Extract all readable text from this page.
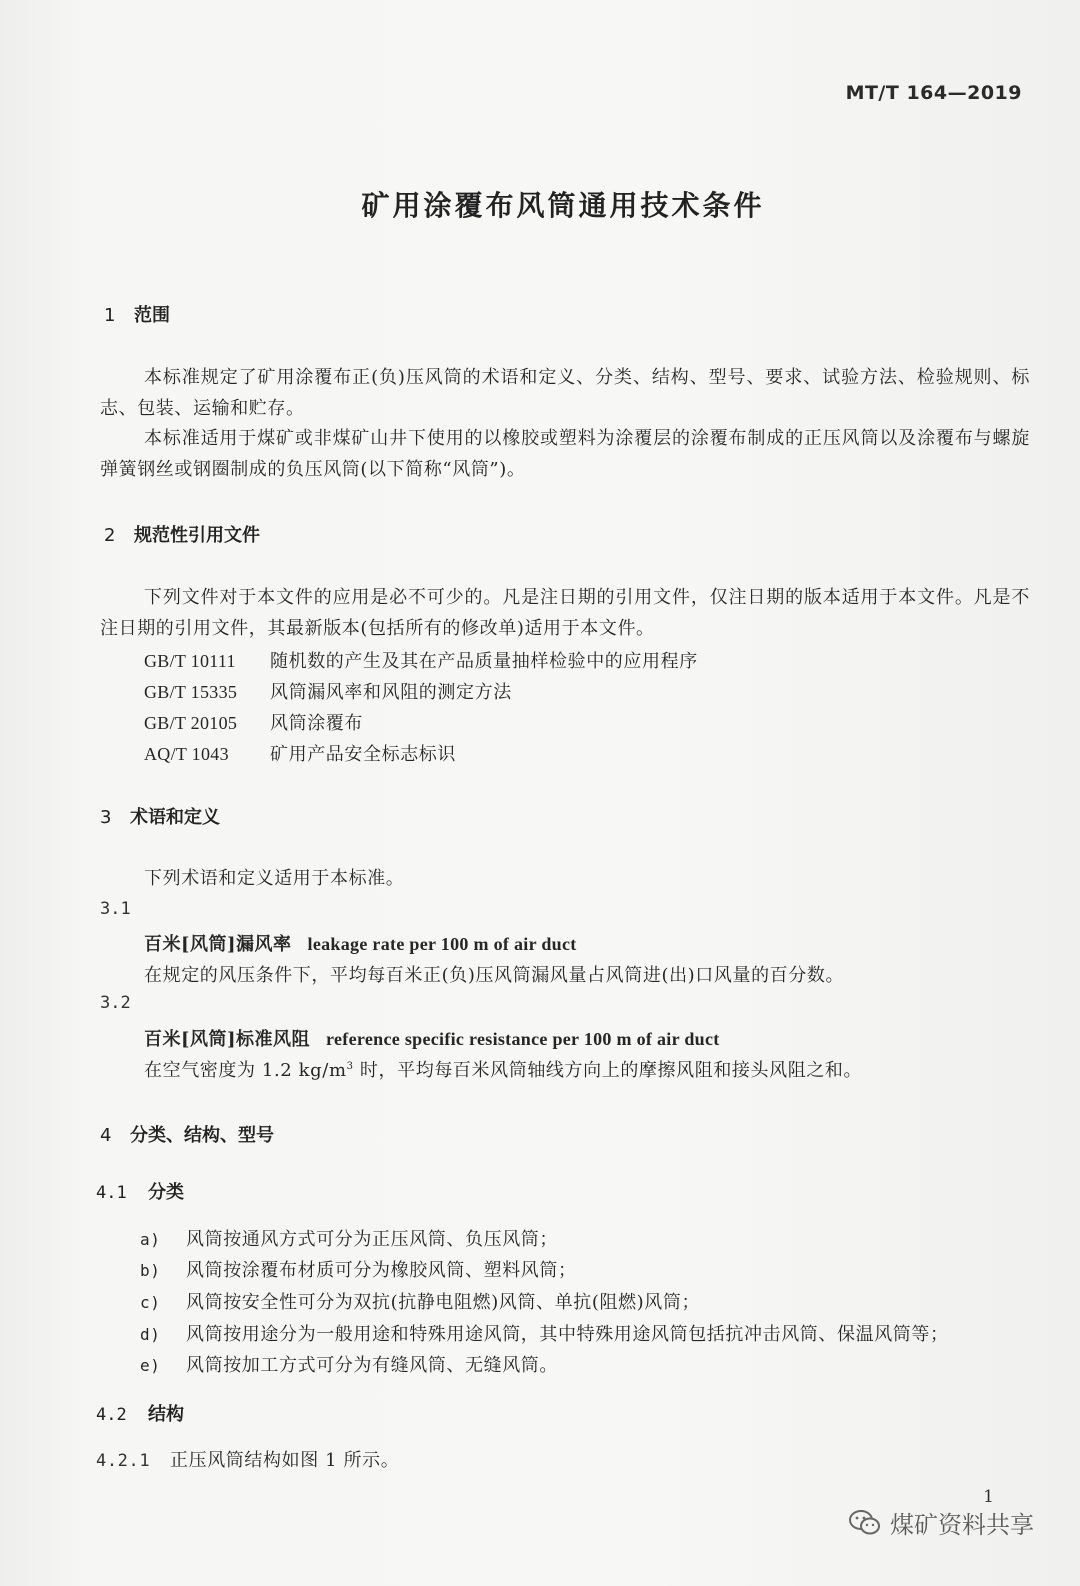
MT/T 164—2019
矿用涂覆布风筒通用技术条件
1 范围
本标准规定了矿用涂覆布正(负)压风筒的术语和定义、分类、结构、型号、要求、试验方法、检验规则、标志、包装、运输和贮存。
本标准适用于煤矿或非煤矿山井下使用的以橡胶或塑料为涂覆层的涂覆布制成的正压风筒以及涂覆布与螺旋弹簧钢丝或钢圈制成的负压风筒(以下简称“风筒”)。
2 规范性引用文件
下列文件对于本文件的应用是必不可少的。凡是注日期的引用文件，仅注日期的版本适用于本文件。凡是不注日期的引用文件，其最新版本(包括所有的修改单)适用于本文件。
GB/T 10111 随机数的产生及其在产品质量抽样检验中的应用程序
GB/T 15335 风筒漏风率和风阻的测定方法
GB/T 20105 风筒涂覆布
AQ/T 1043 矿用产品安全标志标识
3 术语和定义
下列术语和定义适用于本标准。
3.1
百米[风筒]漏风率 leakage rate per 100 m of air duct
在规定的风压条件下，平均每百米正(负)压风筒漏风量占风筒进(出)口风量的百分数。
3.2
百米[风筒]标准风阻 reference specific resistance per 100 m of air duct
在空气密度为 1.2 $kg/m^3$ 时，平均每百米风筒轴线方向上的摩擦风阻和接头风阻之和。
4 分类、结构、型号
4.1 分类
a) 风筒按通风方式可分为正压风筒、负压风筒；
b) 风筒按涂覆布材质可分为橡胶风筒、塑料风筒；
c) 风筒按安全性可分为双抗(抗静电阻燃)风筒、单抗(阻燃)风筒；
d) 风筒按用途分为一般用途和特殊用途风筒，其中特殊用途风筒包括抗冲击风筒、保温风筒等；
e) 风筒按加工方式可分为有缝风筒、无缝风筒。
4.2 结构
4.2.1 正压风筒结构如图 1 所示。
1
煤矿资料共享
